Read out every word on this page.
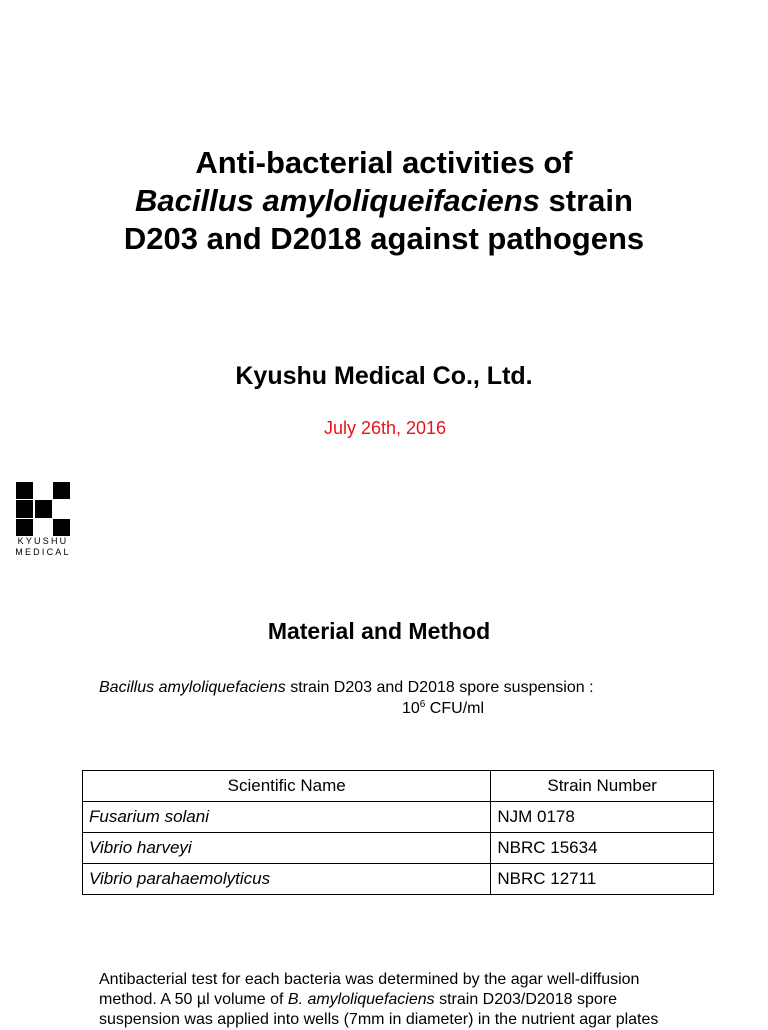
Anti-bacterial activities of
Bacillus amyloliqueifaciens strain
D203 and D2018 against pathogens
Kyushu Medical Co., Ltd.
July 26th, 2016
KYUSHU
MEDICAL
Material and Method
Bacillus amyloliquefaciens strain D203 and D2018 spore suspension :
$10^6$ CFU/ml
Scientific Name	Strain Number
Fusarium solani	NJM 0178
Vibrio harveyi	NBRC 15634
Vibrio parahaemolyticus	NBRC 12711

Antibacterial test for each bacteria was determined by the agar well-diffusion

method. A 50 µl volume of B. amyloliquefaciens strain D203/D2018 spore

suspension was applied into wells (7mm in diameter) in the nutrient agar plates
